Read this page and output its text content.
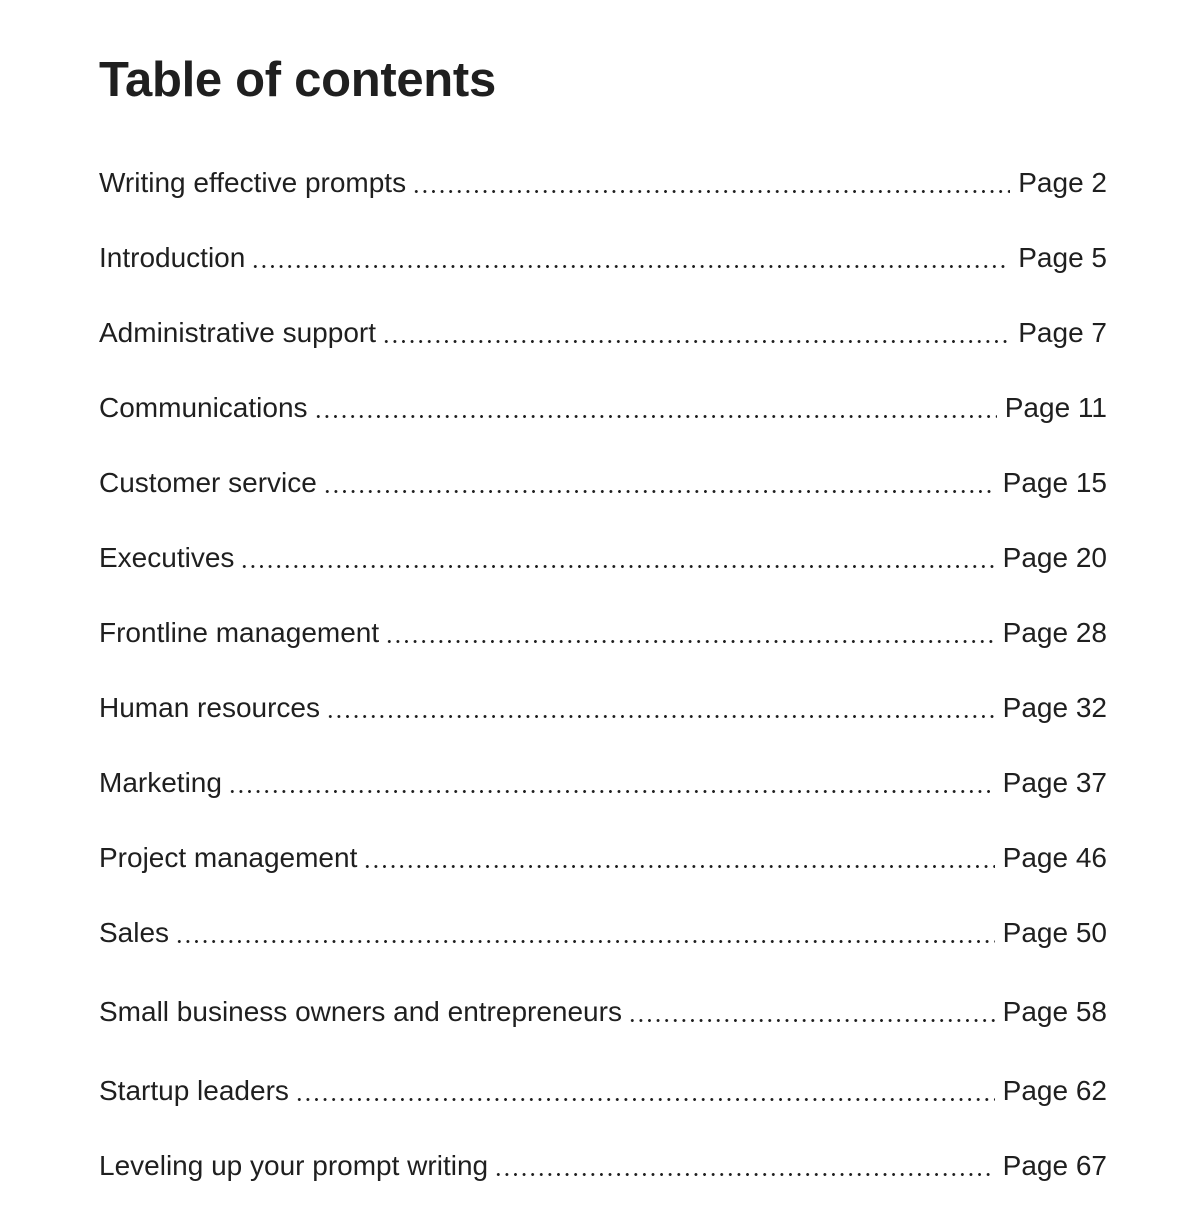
Table of contents
Writing effective prompts	Page 2
Introduction	Page 5
Administrative support	Page 7
Communications	Page 11
Customer service	Page 15
Executives	Page 20
Frontline management	Page 28
Human resources	Page 32
Marketing	Page 37
Project management	Page 46
Sales	Page 50
Small business owners and entrepreneurs	Page 58
Startup leaders	Page 62
Leveling up your prompt writing	Page 67
